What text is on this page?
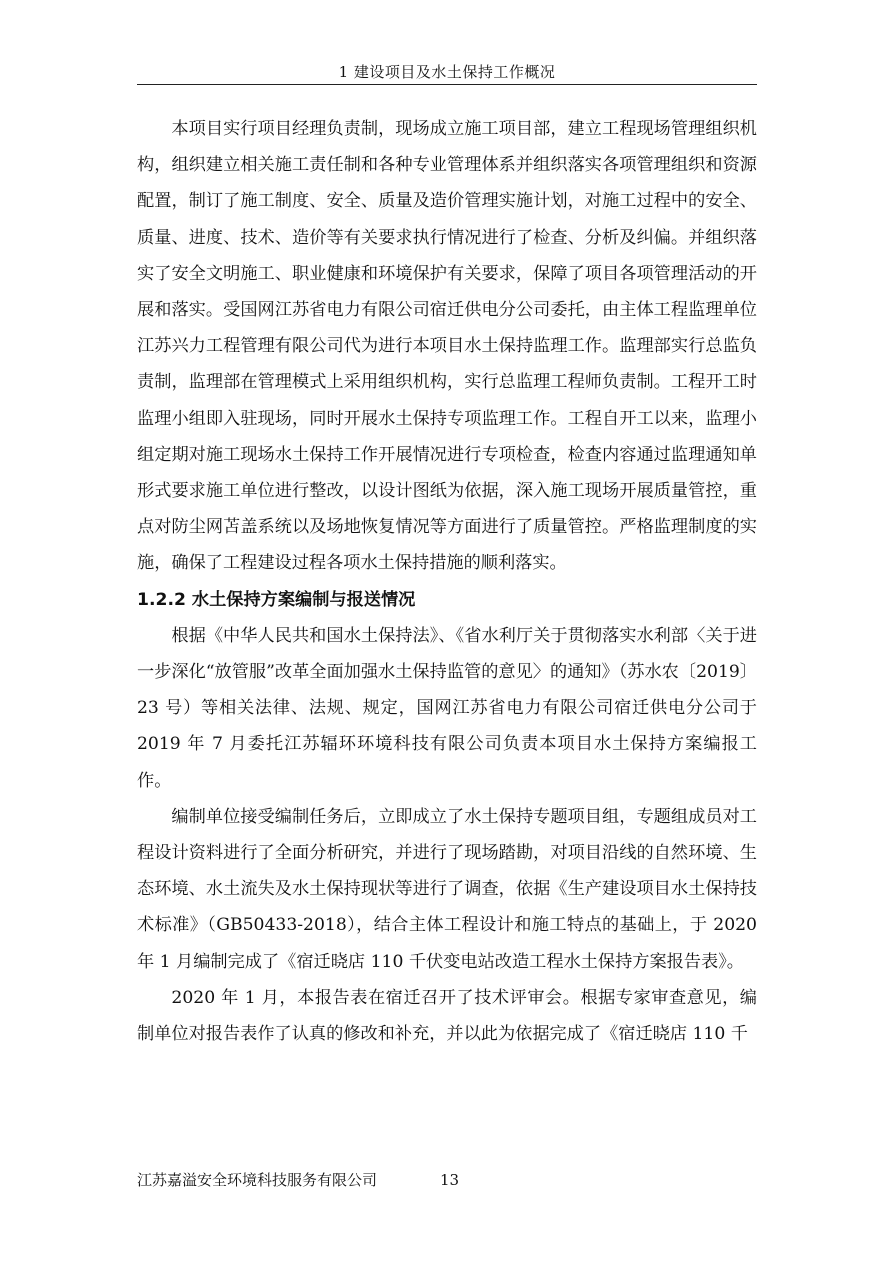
1 建设项目及水土保持工作概况

本项目实行项目经理负责制，现场成立施工项目部，建立工程现场管理组织机构，组织建立相关施工责任制和各种专业管理体系并组织落实各项管理组织和资源配置，制订了施工制度、安全、质量及造价管理实施计划，对施工过程中的安全、质量、进度、技术、造价等有关要求执行情况进行了检查、分析及纠偏。并组织落实了安全文明施工、职业健康和环境保护有关要求，保障了项目各项管理活动的开展和落实。受国网江苏省电力有限公司宿迁供电分公司委托，由主体工程监理单位江苏兴力工程管理有限公司代为进行本项目水土保持监理工作。监理部实行总监负责制，监理部在管理模式上采用组织机构，实行总监理工程师负责制。工程开工时监理小组即入驻现场，同时开展水土保持专项监理工作。工程自开工以来，监理小组定期对施工现场水土保持工作开展情况进行专项检查，检查内容通过监理通知单形式要求施工单位进行整改，以设计图纸为依据，深入施工现场开展质量管控，重点对防尘网苫盖系统以及场地恢复情况等方面进行了质量管控。严格监理制度的实施，确保了工程建设过程各项水土保持措施的顺利落实。

1.2.2 水土保持方案编制与报送情况

根据《中华人民共和国水土保持法》、《省水利厅关于贯彻落实水利部〈关于进一步深化“放管服”改革全面加强水土保持监管的意见〉的通知》（苏水农〔2019〕23 号）等相关法律、法规、规定，国网江苏省电力有限公司宿迁供电分公司于 2019 年 7 月委托江苏辐环环境科技有限公司负责本项目水土保持方案编报工作。

编制单位接受编制任务后，立即成立了水土保持专题项目组，专题组成员对工程设计资料进行了全面分析研究，并进行了现场踏勘，对项目沿线的自然环境、生态环境、水土流失及水土保持现状等进行了调查，依据《生产建设项目水土保持技术标准》（GB50433-2018），结合主体工程设计和施工特点的基础上，于 2020 年 1 月编制完成了《宿迁晓店 110 千伏变电站改造工程水土保持方案报告表》。

2020 年 1 月，本报告表在宿迁召开了技术评审会。根据专家审查意见，编制单位对报告表作了认真的修改和补充，并以此为依据完成了《宿迁晓店 110 千

江苏嘉溢安全环境科技服务有限公司	13
